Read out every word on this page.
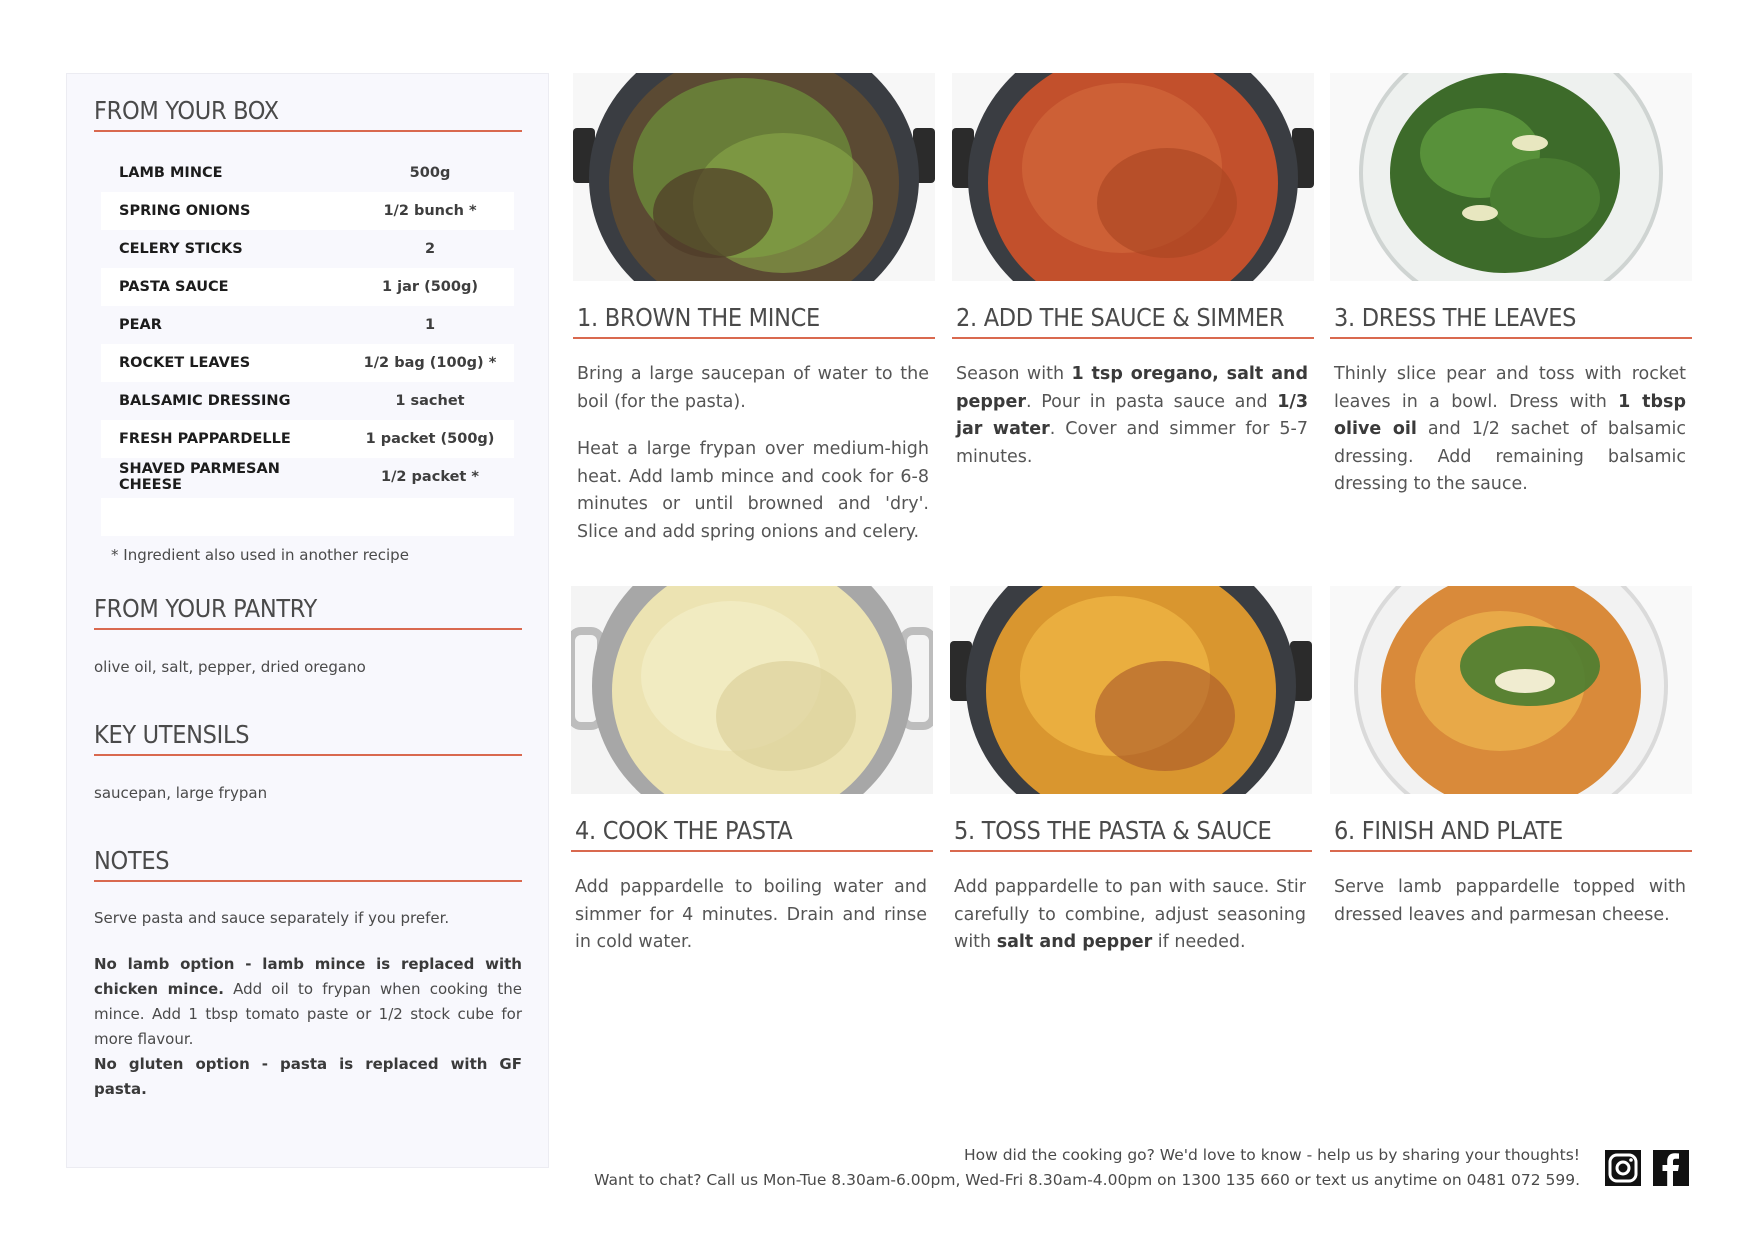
FROM YOUR BOX
LAMB MINCE	500g
SPRING ONIONS	1/2 bunch *
CELERY STICKS	2
PASTA SAUCE	1 jar (500g)
PEAR	1
ROCKET LEAVES	1/2 bag (100g) *
BALSAMIC DRESSING	1 sachet
FRESH PAPPARDELLE	1 packet (500g)
SHAVED PARMESAN CHEESE	1/2 packet *
* Ingredient also used in another recipe
FROM YOUR PANTRY
olive oil, salt, pepper, dried oregano
KEY UTENSILS
saucepan, large frypan
NOTES
Serve pasta and sauce separately if you prefer.
No lamb option - lamb mince is replaced with chicken mince. Add oil to frypan when cooking the mince. Add 1 tbsp tomato paste or 1/2 stock cube for more flavour.
No gluten option - pasta is replaced with GF pasta.
1. BROWN THE MINCE

Bring a large saucepan of water to the boil (for the pasta).

Heat a large frypan over medium-high heat. Add lamb mince and cook for 6-8 minutes or until browned and 'dry'. Slice and add spring onions and celery.

2. ADD THE SAUCE & SIMMER

Season with 1 tsp oregano, salt and pepper. Pour in pasta sauce and 1/3 jar water. Cover and simmer for 5-7 minutes.

3. DRESS THE LEAVES

Thinly slice pear and toss with rocket leaves in a bowl. Dress with 1 tbsp olive oil and 1/2 sachet of balsamic dressing. Add remaining balsamic dressing to the sauce.

4. COOK THE PASTA

Add pappardelle to boiling water and simmer for 4 minutes. Drain and rinse in cold water.

5. TOSS THE PASTA & SAUCE

Add pappardelle to pan with sauce. Stir carefully to combine, adjust seasoning with salt and pepper if needed.

6. FINISH AND PLATE

Serve lamb pappardelle topped with dressed leaves and parmesan cheese.

How did the cooking go? We'd love to know - help us by sharing your thoughts!
Want to chat? Call us Mon-Tue 8.30am-6.00pm, Wed-Fri 8.30am-4.00pm on 1300 135 660 or text us anytime on 0481 072 599.
